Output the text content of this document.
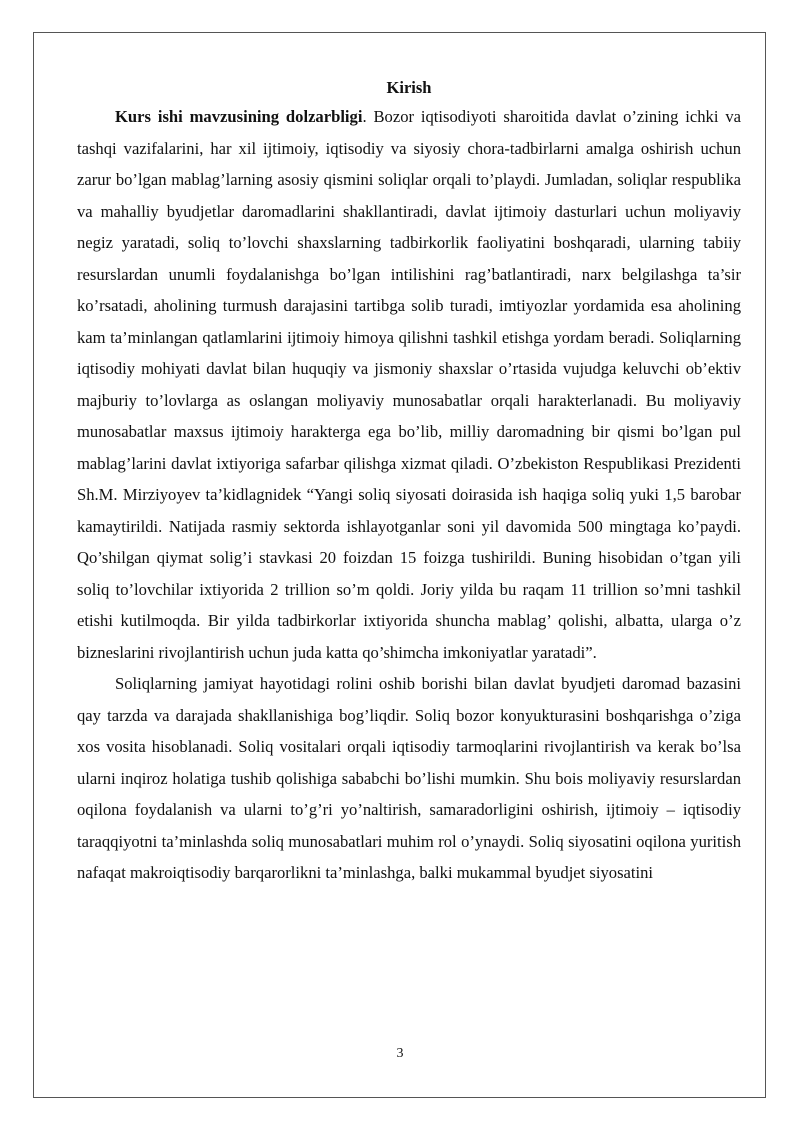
Kirish

Kurs ishi mavzusining dolzarbligi. Bozor iqtisodiyoti sharoitida davlat o’zining ichki va tashqi vazifalarini, har xil ijtimoiy, iqtisodiy va siyosiy chora-tadbirlarni amalga oshirish uchun zarur bo’lgan mablag’larning asosiy qismini soliqlar orqali to’playdi. Jumladan, soliqlar respublika va mahalliy byudjetlar daromadlarini shakllantiradi, davlat ijtimoiy dasturlari uchun moliyaviy negiz yaratadi, soliq to’lovchi shaxslarning tadbirkorlik faoliyatini boshqaradi, ularning tabiiy resurslardan unumli foydalanishga bo’lgan intilishini rag’batlantiradi, narx belgilashga ta’sir ko’rsatadi, aholining turmush darajasini tartibga solib turadi, imtiyozlar yordamida esa aholining kam ta’minlangan qatlamlarini ijtimoiy himoya qilishni tashkil etishga yordam beradi. Soliqlarning iqtisodiy mohiyati davlat bilan huquqiy va jismoniy shaxslar o’rtasida vujudga keluvchi ob’ektiv majburiy to’lovlarga as oslangan moliyaviy munosabatlar orqali harakterlanadi. Bu moliyaviy munosabatlar maxsus ijtimoiy harakterga ega bo’lib, milliy daromadning bir qismi bo’lgan pul mablag’larini davlat ixtiyoriga safarbar qilishga xizmat qiladi. O’zbekiston Respublikasi Prezidenti Sh.M. Mirziyoyev ta’kidlagnidek “Yangi soliq siyosati doirasida ish haqiga soliq yuki 1,5 barobar kamaytirildi. Natijada rasmiy sektorda ishlayotganlar soni yil davomida 500 mingtaga ko’paydi. Qo’shilgan qiymat solig’i stavkasi 20 foizdan 15 foizga tushirildi. Buning hisobidan o’tgan yili soliq to’lovchilar ixtiyorida 2 trillion so’m qoldi. Joriy yilda bu raqam 11 trillion so’mni tashkil etishi kutilmoqda. Bir yilda tadbirkorlar ixtiyorida shuncha mablag’ qolishi, albatta, ularga o’z bizneslarini rivojlantirish uchun juda katta qo’shimcha imkoniyatlar yaratadi”.

Soliqlarning jamiyat hayotidagi rolini oshib borishi bilan davlat byudjeti daromad bazasini qay tarzda va darajada shakllanishiga bog’liqdir. Soliq bozor konyukturasini boshqarishga o’ziga xos vosita hisoblanadi. Soliq vositalari orqali iqtisodiy tarmoqlarini rivojlantirish va kerak bo’lsa ularni inqiroz holatiga tushib qolishiga sababchi bo’lishi mumkin. Shu bois moliyaviy resurslardan oqilona foydalanish va ularni to’g’ri yo’naltirish, samaradorligini oshirish, ijtimoiy – iqtisodiy taraqqiyotni ta’minlashda soliq munosabatlari muhim rol o’ynaydi. Soliq siyosatini oqilona yuritish nafaqat makroiqtisodiy barqarorlikni ta’minlashga, balki mukammal byudjet siyosatini

3
